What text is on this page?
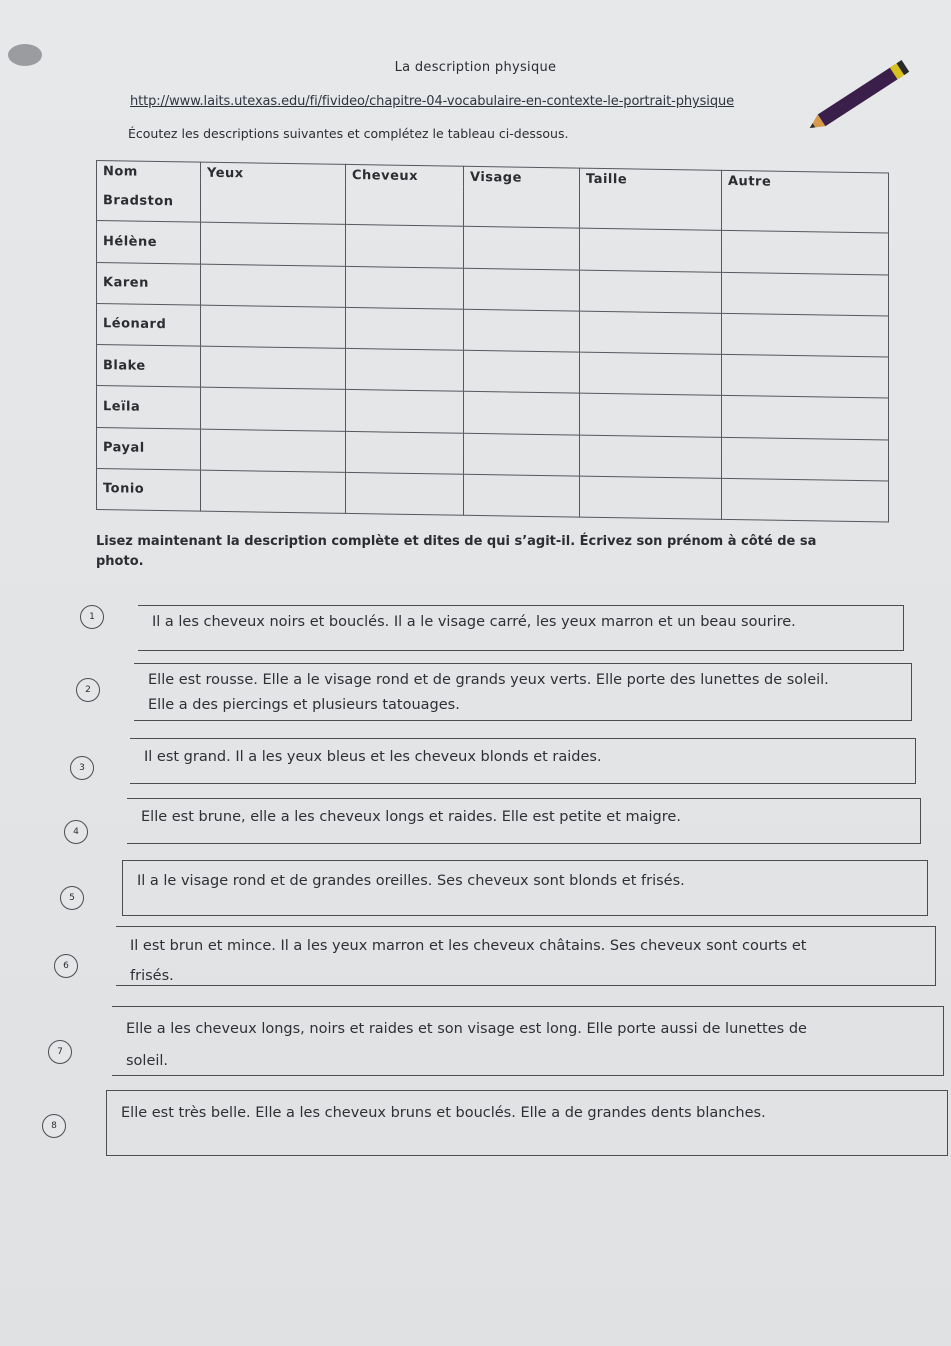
La description physique
http://www.laits.utexas.edu/fi/fivideo/chapitre-04-vocabulaire-en-contexte-le-portrait-physique
Écoutez les descriptions suivantes et complétez le tableau ci-dessous.
Nom	Yeux	Cheveux	Visage	Taille	Autre
Bradston					
Hélène					
Karen					
Léonard					
Blake					
Leïla					
Payal					
Tonio					
Lisez maintenant la description complète et dites de qui s’agit-il. Écrivez son prénom à côté de sa photo.
1	Il a les cheveux noirs et bouclés. Il a le visage carré, les yeux marron et un beau sourire.
2
Elle est rousse. Elle a le visage rond et de grands yeux verts. Elle porte des lunettes de soleil.
Elle a des piercings et plusieurs tatouages.
3
Il est grand. Il a les yeux bleus et les cheveux blonds et raides.
4
Elle est brune, elle a les cheveux longs et raides. Elle est petite et maigre.
5
Il a le visage rond et de grandes oreilles. Ses cheveux sont blonds et frisés.
6
Il est brun et mince. Il a les yeux marron et les cheveux châtains. Ses cheveux sont courts et
frisés.
7
Elle a les cheveux longs, noirs et raides et son visage est long. Elle porte aussi de lunettes de
soleil.
8
Elle est très belle. Elle a les cheveux bruns et bouclés. Elle a de grandes dents blanches.
